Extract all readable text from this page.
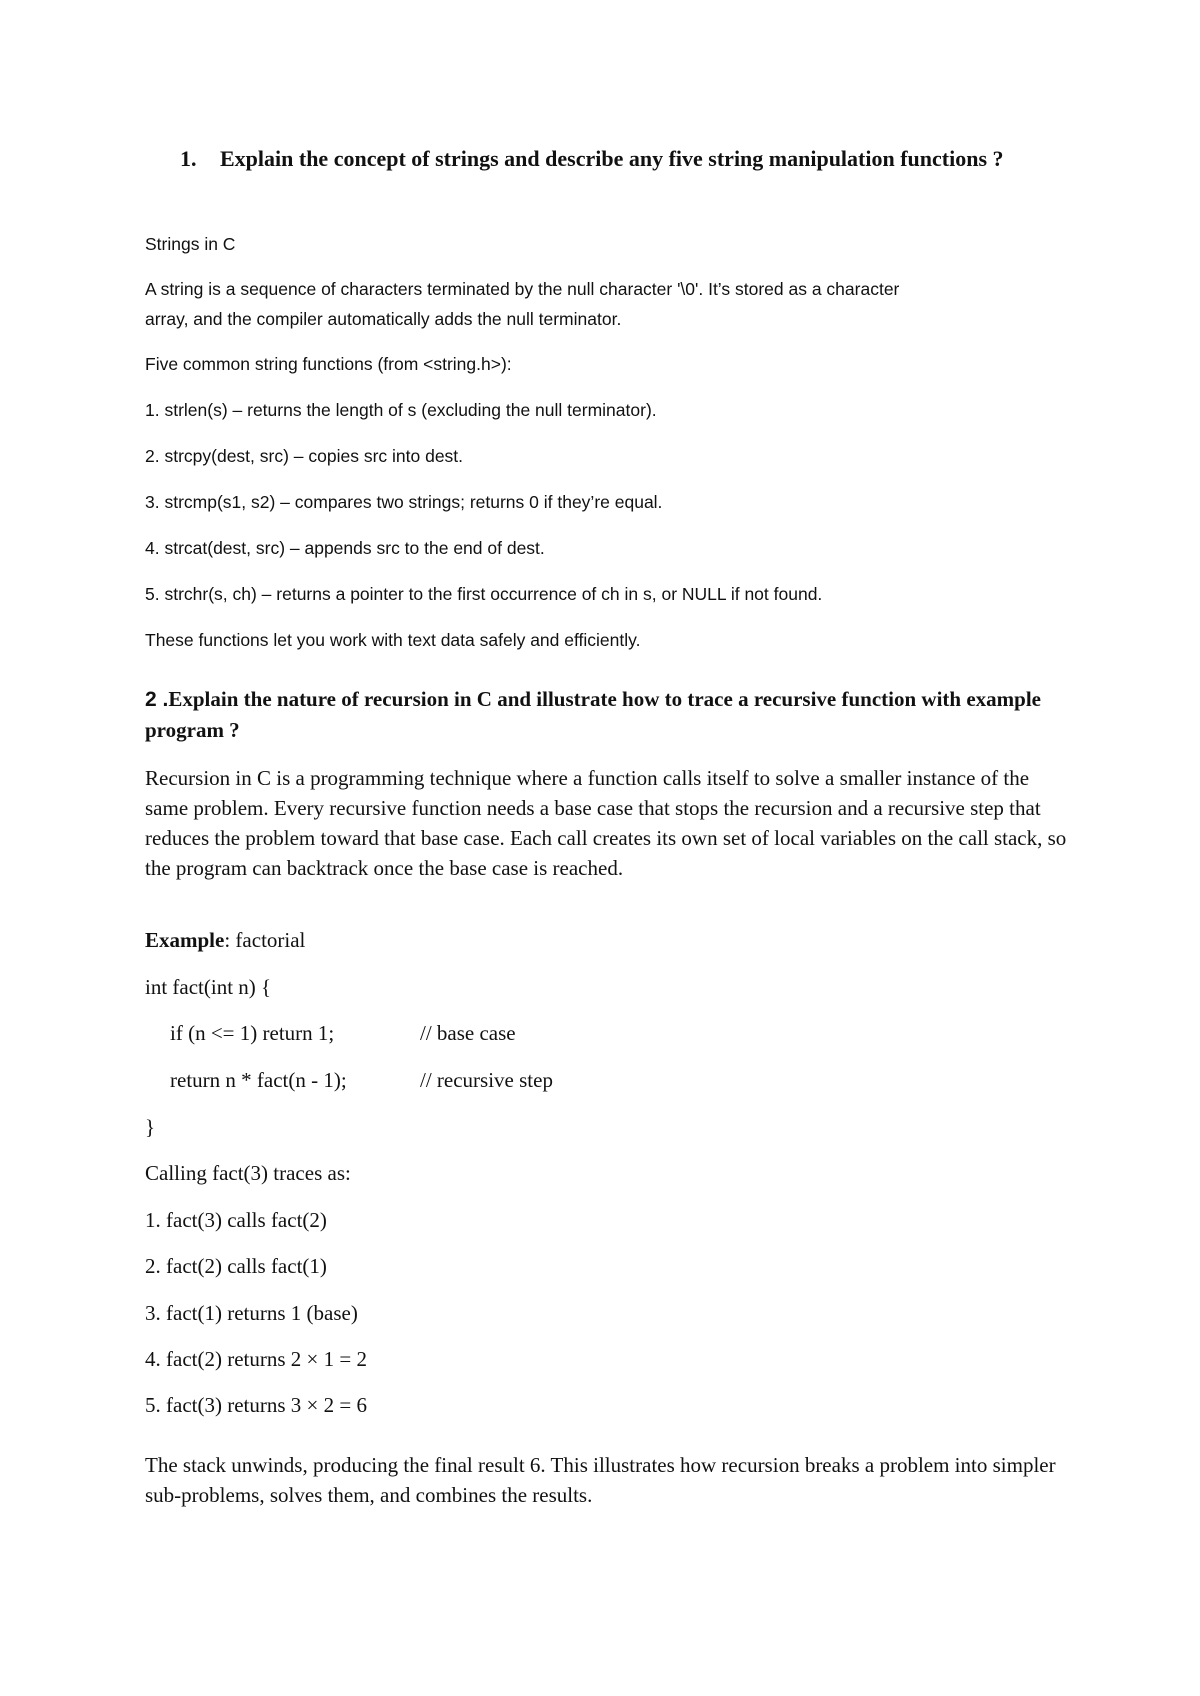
1. Explain the concept of strings and describe any five string manipulation functions ?
Strings in C
A string is a sequence of characters terminated by the null character '\0'. It’s stored as a character
array, and the compiler automatically adds the null terminator.
Five common string functions (from <string.h>):
1. strlen(s) – returns the length of s (excluding the null terminator).
2. strcpy(dest, src) – copies src into dest.
3. strcmp(s1, s2) – compares two strings; returns 0 if they’re equal.
4. strcat(dest, src) – appends src to the end of dest.
5. strchr(s, ch) – returns a pointer to the first occurrence of ch in s, or NULL if not found.
These functions let you work with text data safely and efficiently.
2 .Explain the nature of recursion in C and illustrate how to trace a recursive function with example program ?
Recursion in C is a programming technique where a function calls itself to solve a smaller instance of the same problem. Every recursive function needs a base case that stops the recursion and a recursive step that reduces the problem toward that base case. Each call creates its own set of local variables on the call stack, so the program can backtrack once the base case is reached.
Example: factorial
int fact(int n) {
if (n <= 1) return 1;	// base case
return n * fact(n - 1);	// recursive step
}
Calling fact(3) traces as:
1. fact(3) calls fact(2)
2. fact(2) calls fact(1)
3. fact(1) returns 1 (base)
4. fact(2) returns 2 × 1 = 2
5. fact(3) returns 3 × 2 = 6
The stack unwinds, producing the final result 6. This illustrates how recursion breaks a problem into simpler sub-problems, solves them, and combines the results.
